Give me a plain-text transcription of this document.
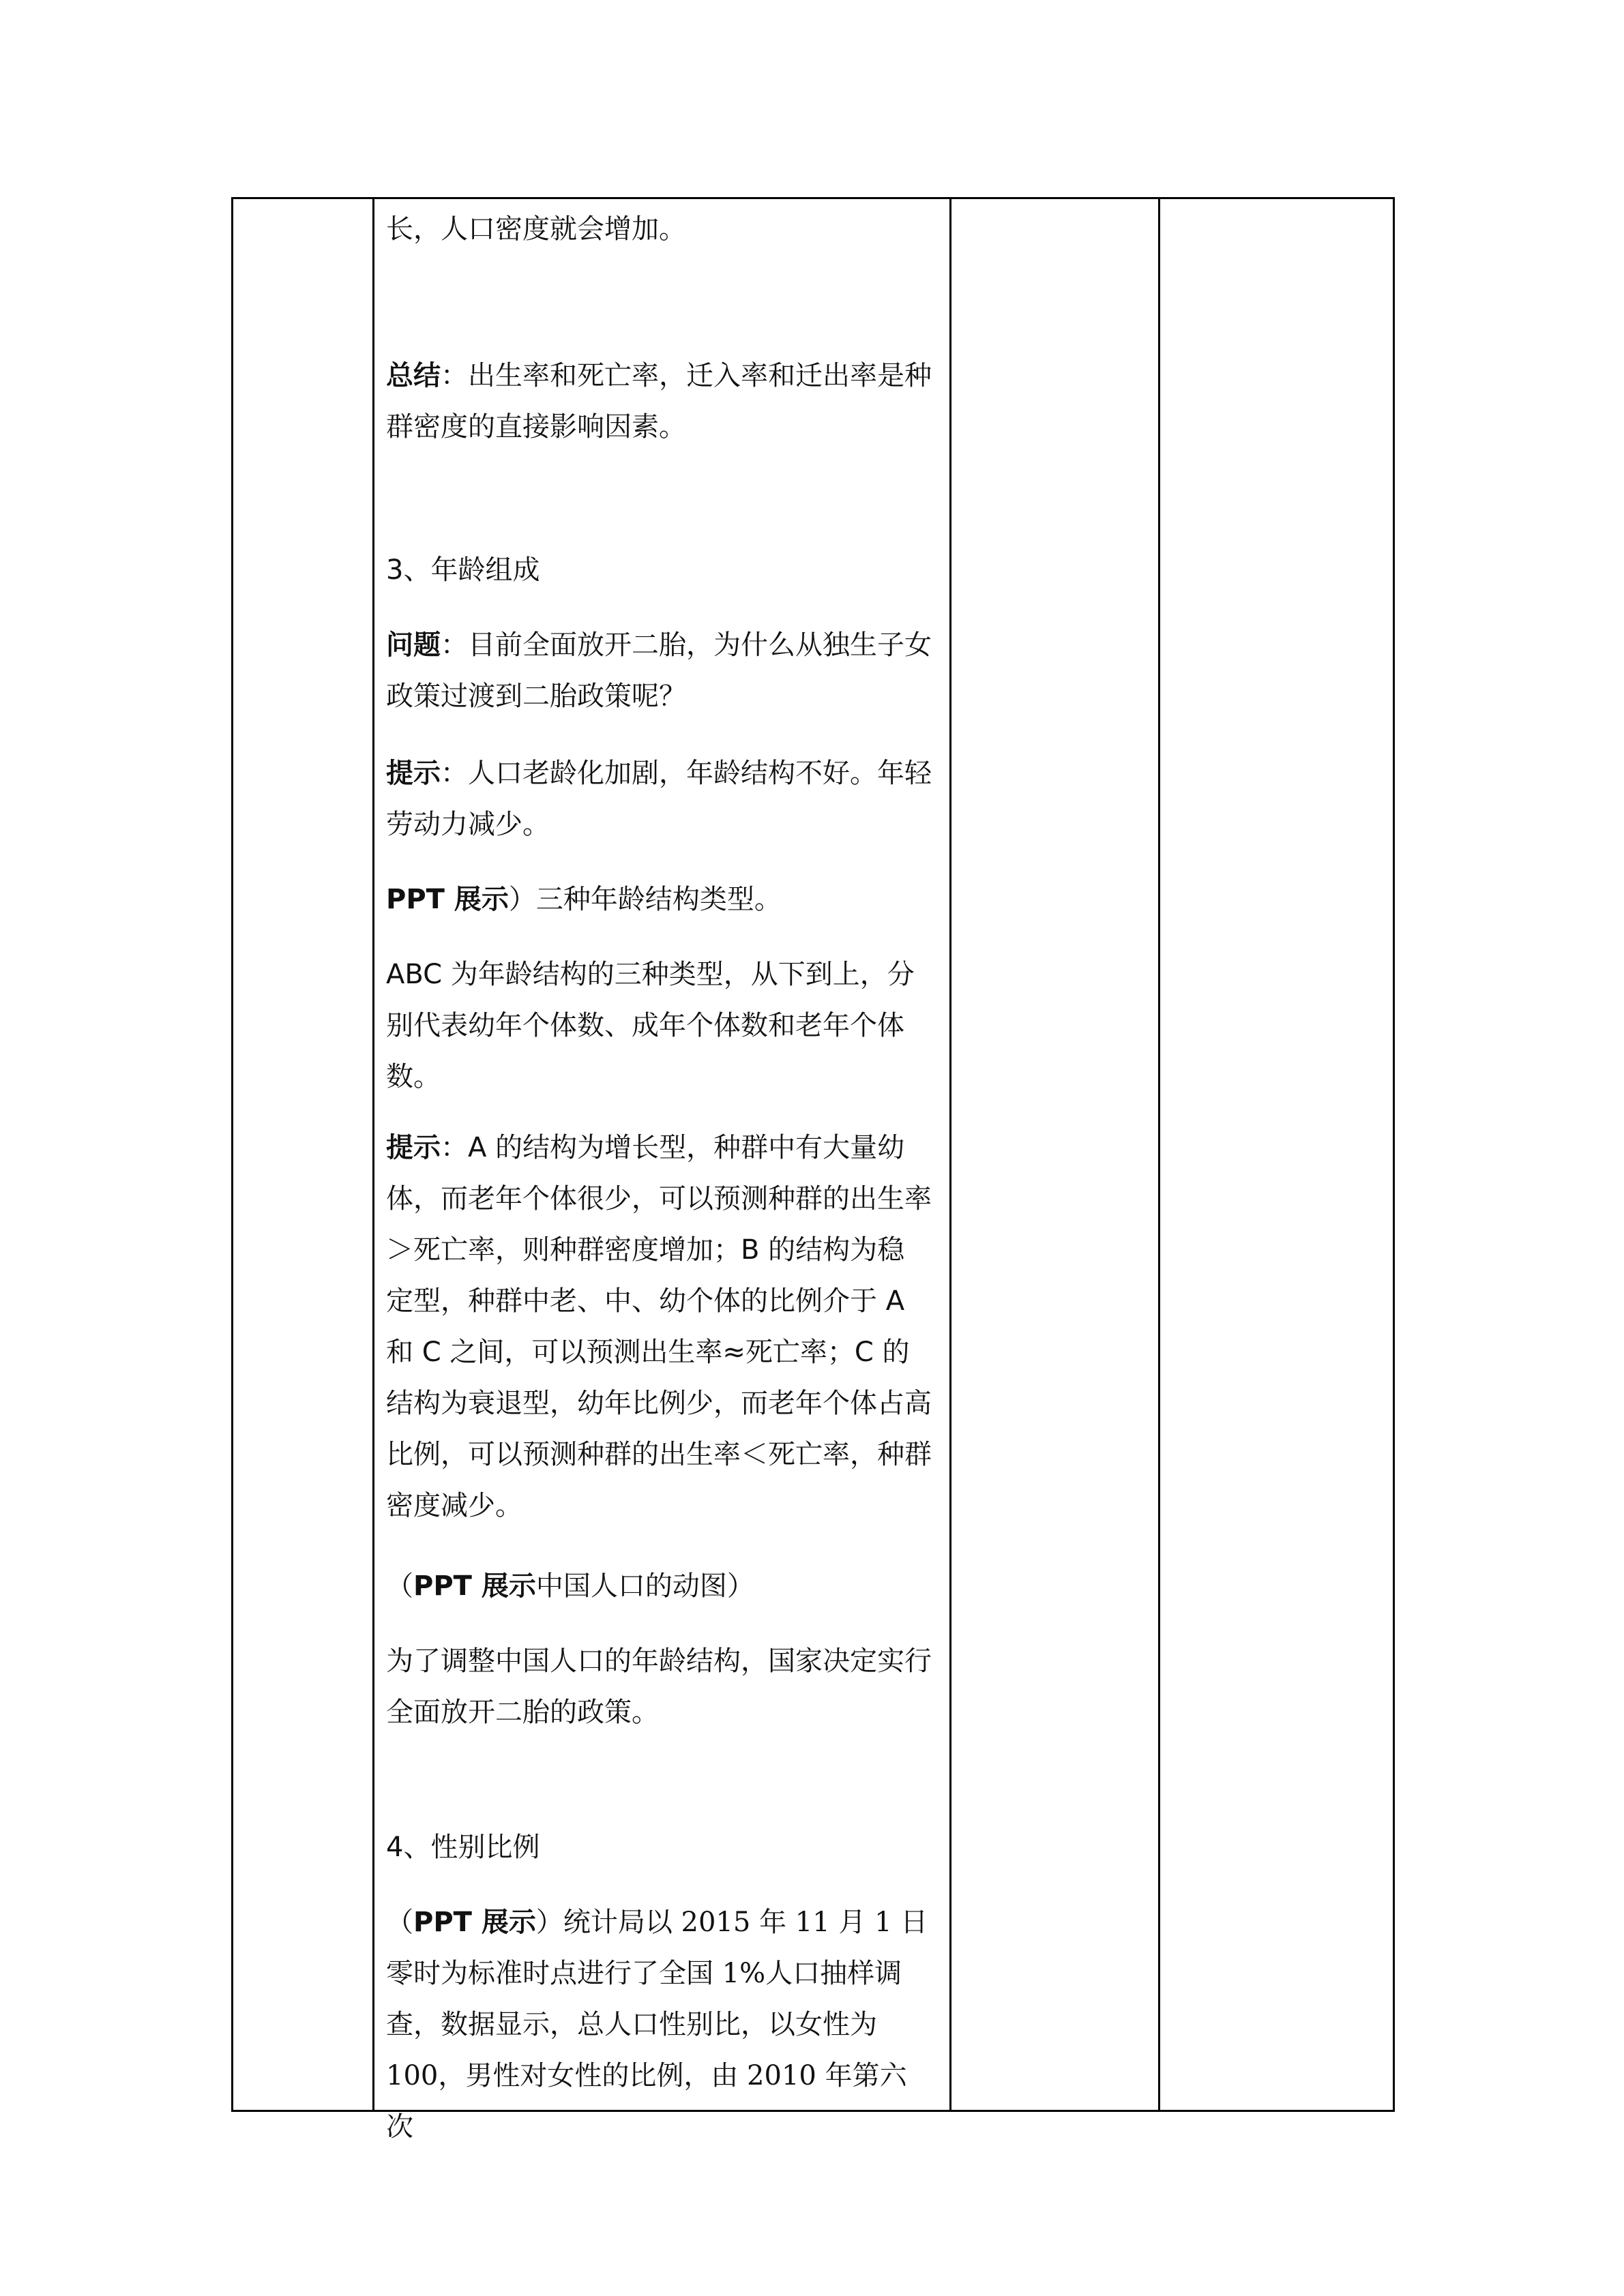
长，人口密度就会增加。

总结：出生率和死亡率，迁入率和迁出率是种群密度的直接影响因素。

3、年龄组成

问题：目前全面放开二胎，为什么从独生子女政策过渡到二胎政策呢？

提示：人口老龄化加剧，年龄结构不好。年轻劳动力减少。

PPT 展示）三种年龄结构类型。

ABC 为年龄结构的三种类型，从下到上，分别代表幼年个体数、成年个体数和老年个体数。

提示：A 的结构为增长型，种群中有大量幼体，而老年个体很少，可以预测种群的出生率＞死亡率，则种群密度增加；B 的结构为稳定型，种群中老、中、幼个体的比例介于 A 和 C 之间，可以预测出生率≈死亡率；C 的结构为衰退型，幼年比例少，而老年个体占高比例，可以预测种群的出生率＜死亡率，种群密度减少。

（PPT 展示中国人口的动图）

为了调整中国人口的年龄结构，国家决定实行全面放开二胎的政策。

4、性别比例

（PPT 展示）统计局以 2015 年 11 月 1 日零时为标准时点进行了全国 1%人口抽样调查，数据显示，总人口性别比，以女性为 100，男性对女性的比例，由 2010 年第六次
